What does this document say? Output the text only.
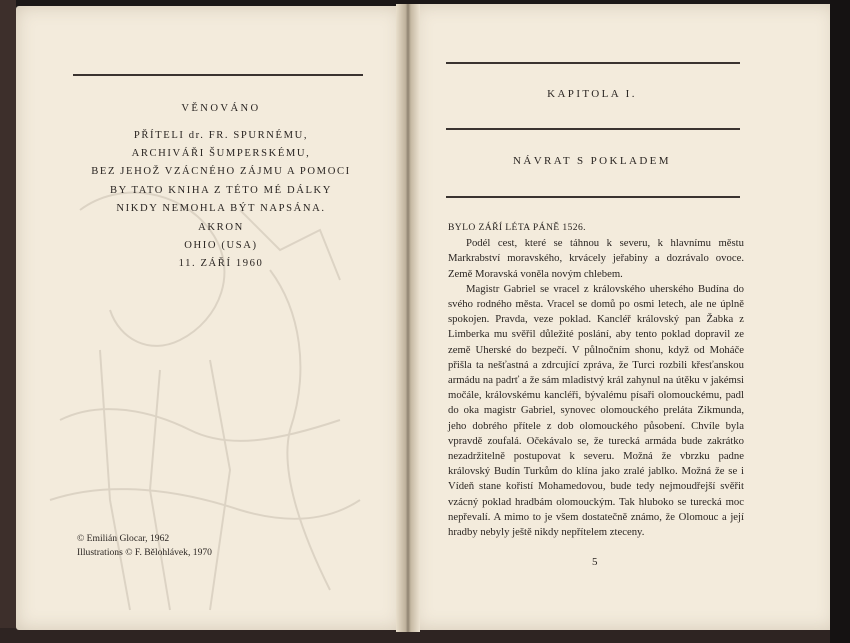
VĚNOVÁNO
PŘÍTELI dr. FR. SPURNÉMU,
ARCHIVÁŘI ŠUMPERSKÉMU,
BEZ JEHOŽ VZÁCNÉHO ZÁJMU A POMOCI
BY TATO KNIHA Z TÉTO MÉ DÁLKY
NIKDY NEMOHLA BÝT NAPSÁNA.
AKRON
OHIO (USA)
11. ZÁŘÍ 1960
© Emilián Glocar, 1962
Illustrations © F. Bělohlávek, 1970
KAPITOLA I.
NÁVRAT S POKLADEM

BYLO ZÁŘÍ LÉTA PÁNĚ 1526.

Podél cest, které se táhnou k severu, k hlavnímu městu Markrabství moravského, krvácely jeřabiny a dozrávalo ovoce. Země Moravská voněla novým chlebem.

Magistr Gabriel se vracel z královského uherského Budína do svého rodného města. Vracel se domů po osmi letech, ale ne úplně spokojen. Pravda, veze poklad. Kancléř královský pan Žabka z Limberka mu svěřil důležité poslání, aby tento poklad dopravil ze země Uherské do bezpečí. V půlnočním shonu, když od Moháče přišla ta nešťastná a zdrcující zpráva, že Turci rozbili křesťanskou armádu na padrť a že sám mladistvý král zahynul na útěku v jakémsi močále, královskému kancléři, bývalému písaři olomouckému, padl do oka magistr Gabriel, synovec olomouckého preláta Zikmunda, jeho dobrého přítele z dob olomouckého působení. Chvíle byla vpravdě zoufalá. Očekávalo se, že turecká armáda bude zakrátko nezadržitelně postupovat k severu. Možná že vbrzku padne královský Budín Turkům do klína jako zralé jablko. Možná že se i Vídeň stane kořistí Mohamedovou, bude tedy nejmoudřejší svěřit vzácný poklad hradbám olomouckým. Tak hluboko se turecká moc nepřevalí. A mimo to je všem dostatečně známo, že Olomouc a její hradby nebyly ještě nikdy nepřítelem zteceny.

5
